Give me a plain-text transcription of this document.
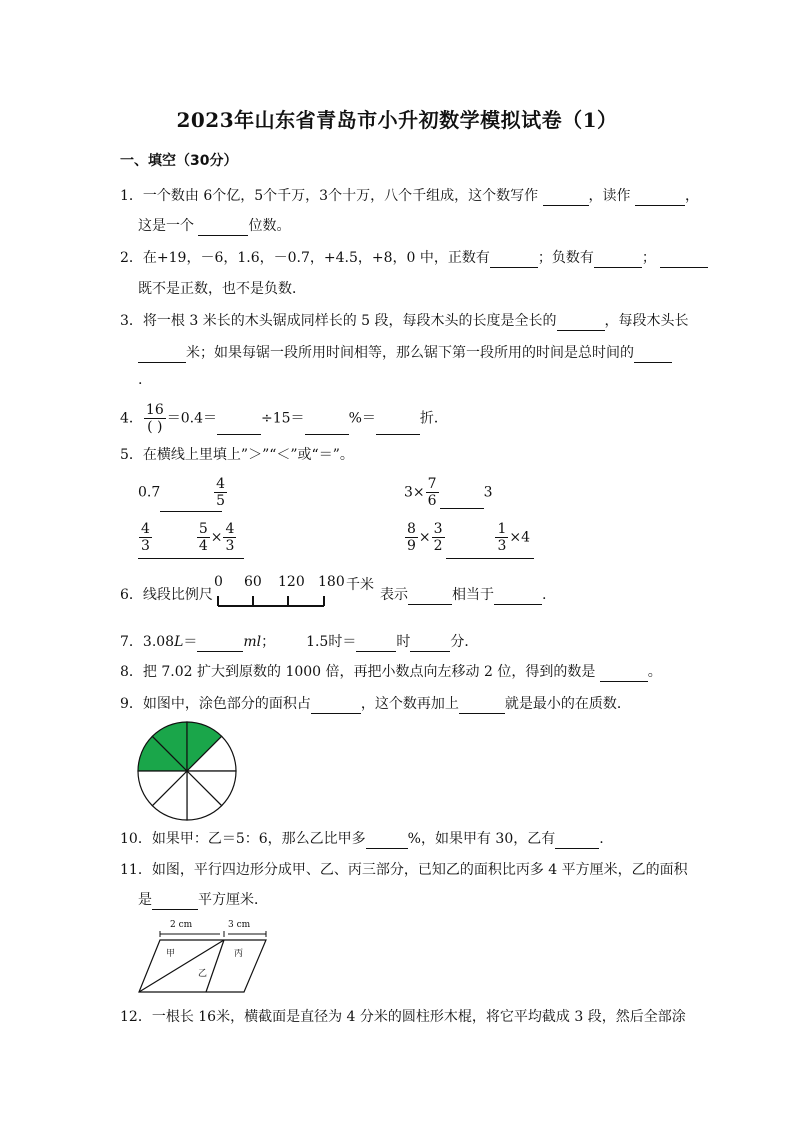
2023年山东省青岛市小升初数学模拟试卷（1）
一、填空（30分）
1．一个数由 6个亿，5个千万，3个十万，八个千组成，这个数写作	，读作	，
这是一个	位数。
2．在+19，－6，1.6，－0.7，+4.5，+8，0 中，正数有	；负数有	；
既不是正数，也不是负数．
3．将一根 3 米长的木头锯成同样长的 5 段，每段木头的长度是全长的	，每段木头长
米；如果每锯一段所用时间相等，那么锯下第一段所用的时间是总时间的
.
4． $\frac{16}{( )} =0.4=$	÷15＝	%＝	折．
5．在横线上里填上”＞”“＜”或“＝”。
0.7	$\frac{4}{5}$	$3\times \frac{7}{6}$	3
$\frac{4}{3}$
	$\frac{5}{4} \times \frac{4}{3}$	$\frac{8}{9} \times \frac{3}{2}$
	$\frac{1}{3} \times 4$
6．线段比例尺
0 60 120 180 千米
表示	相当于	.
7．3.08L＝	ml； 1.5时＝	时	分．
8．把 7.02 扩大到原数的 1000 倍，再把小数点向左移动 2 位，得到的数是	。
9．如图中，涂色部分的面积占	，这个数再加上	就是最小的在质数．
10．如果甲：乙＝5：6，那么乙比甲多	%，如果甲有 30，乙有	.
11．如图，平行四边形分成甲、乙、丙三部分，已知乙的面积比丙多 4 平方厘米，乙的面积
是	平方厘米．
2 cm	3 cm
甲
乙
丙
12．一根长 16米，横截面是直径为 4 分米的圆柱形木棍，将它平均截成 3 段，然后全部涂
